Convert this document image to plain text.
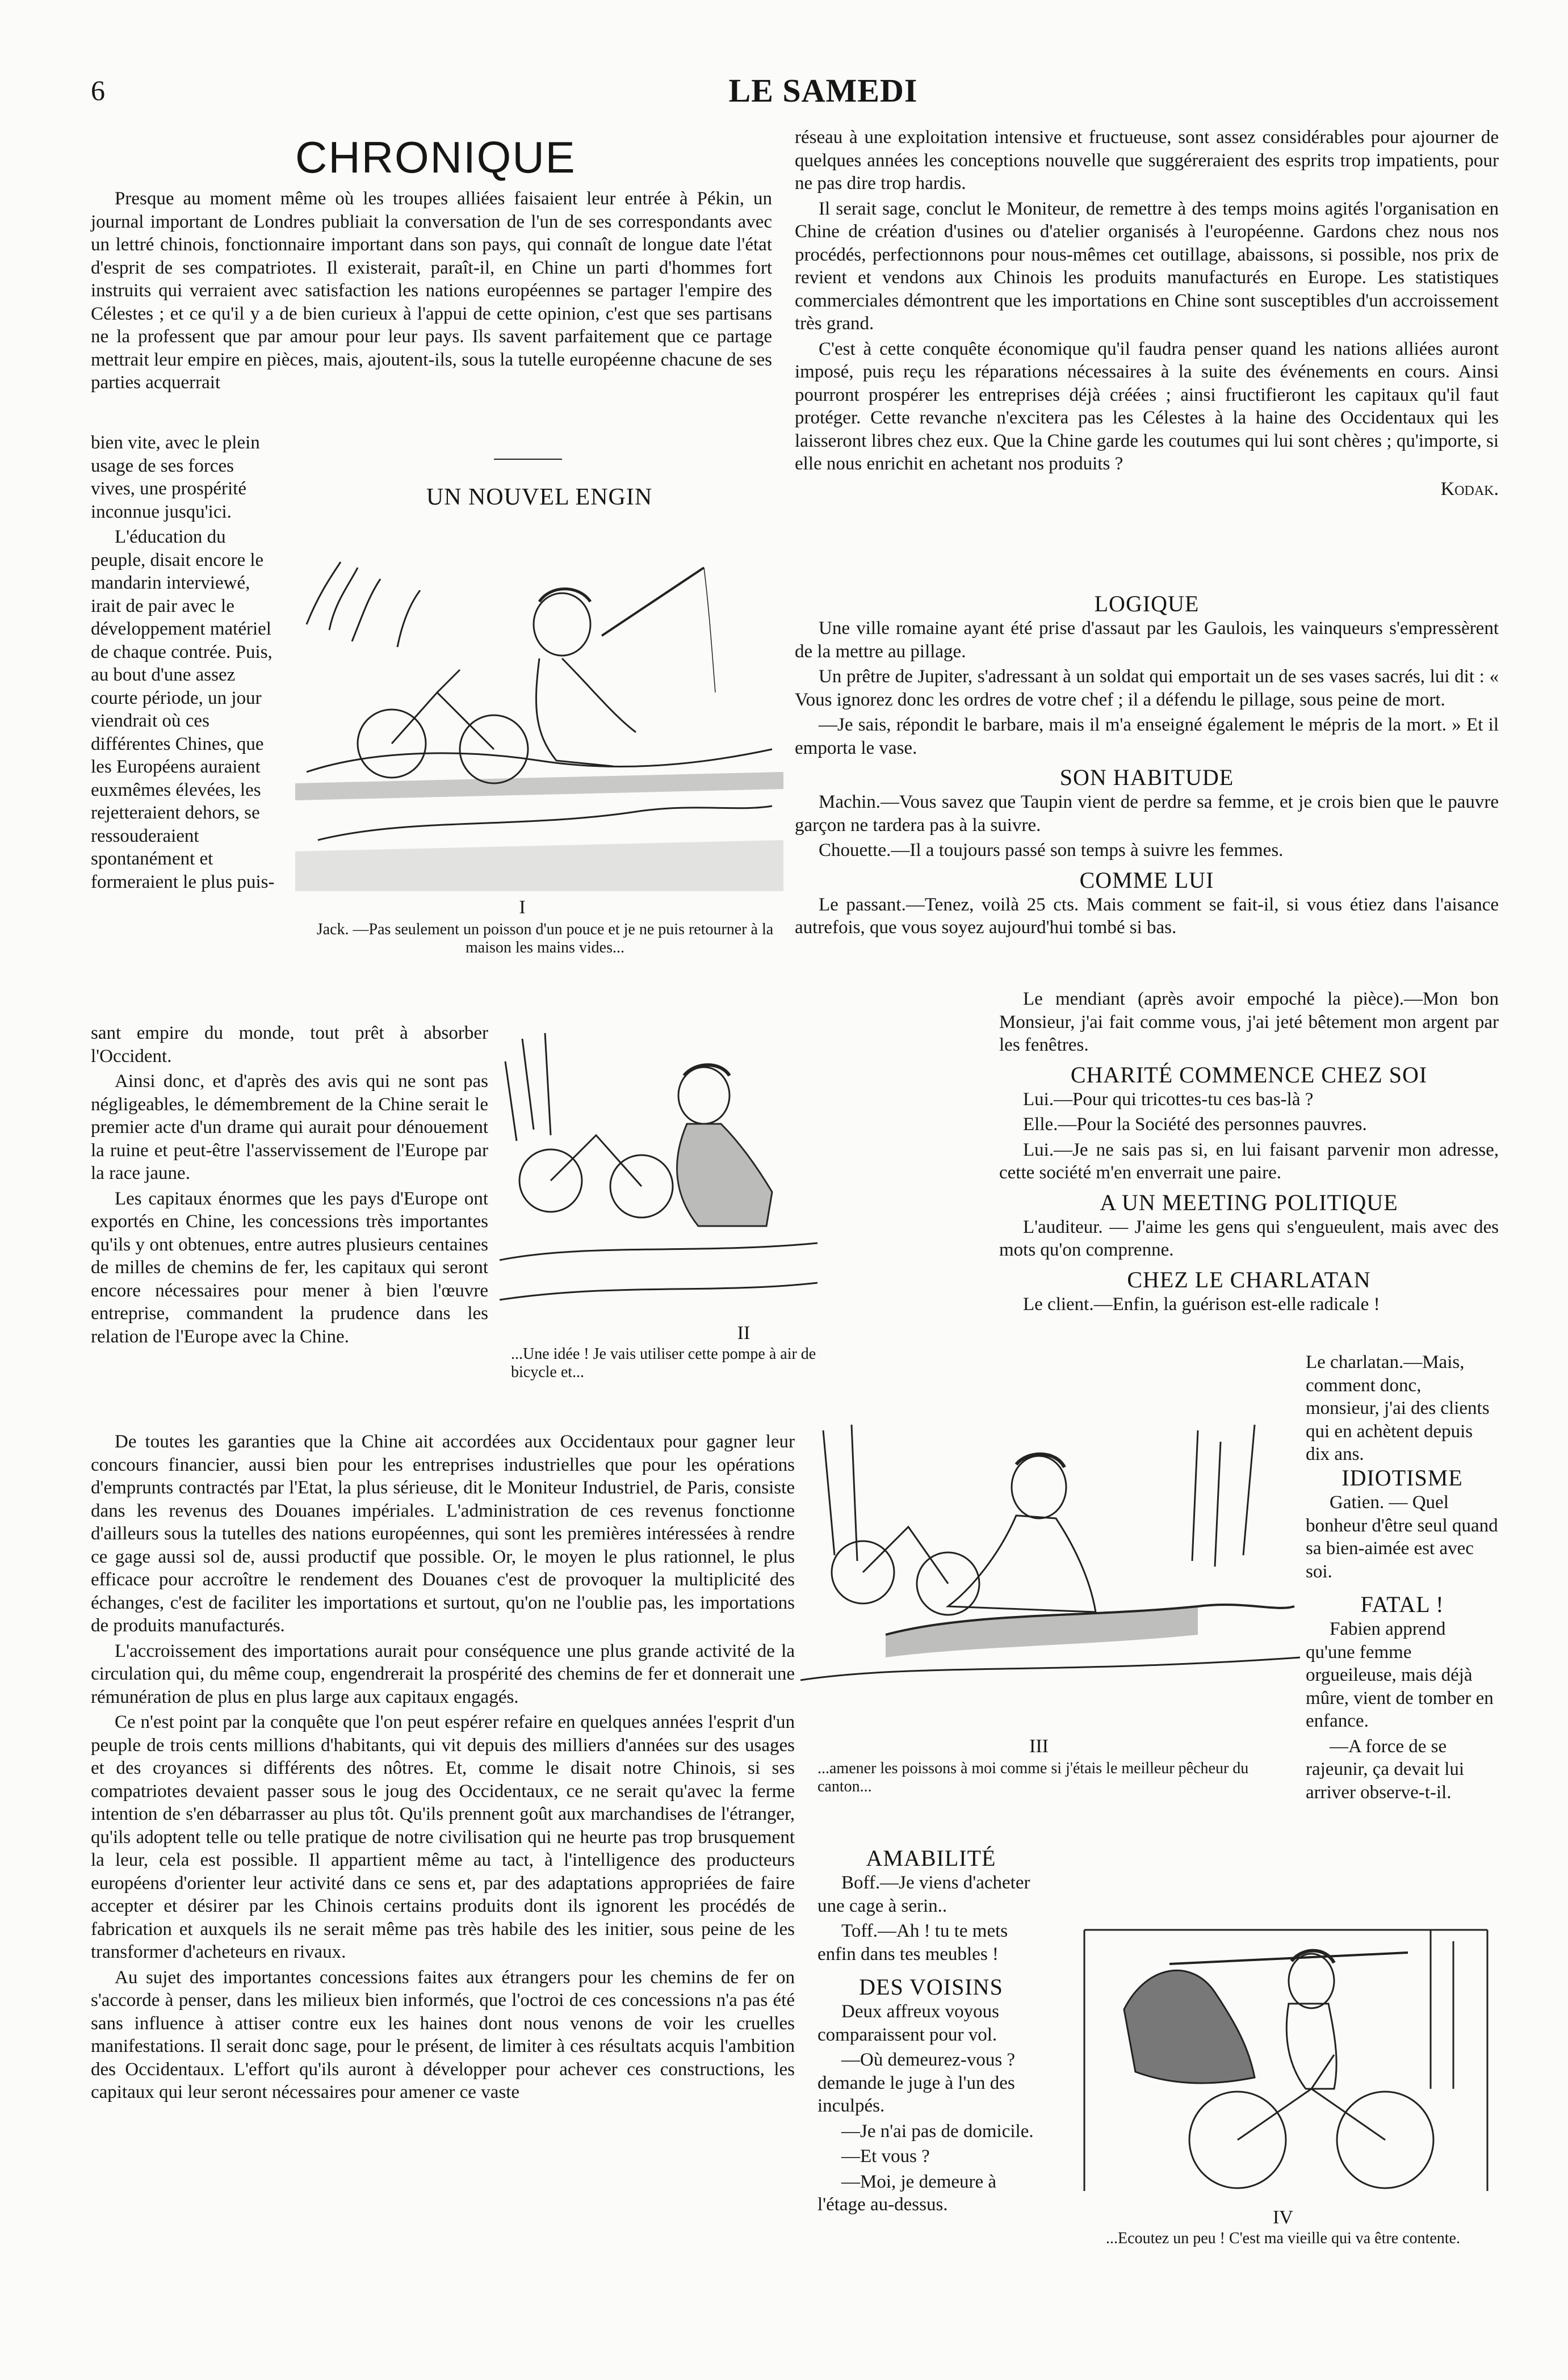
6	LE SAMEDI
CHRONIQUE

Presque au moment même où les troupes alliées faisaient leur entrée à Pékin, un journal important de Londres publiait la conversation de l'un de ses correspondants avec un lettré chinois, fonctionnaire important dans son pays, qui connaît de longue date l'état d'esprit de ses compatriotes. Il existerait, paraît-il, en Chine un parti d'hommes fort instruits qui verraient avec satisfaction les nations européennes se partager l'empire des Célestes ; et ce qu'il y a de bien curieux à l'appui de cette opinion, c'est que ses partisans ne la professent que par amour pour leur pays. Ils savent parfaitement que ce partage mettrait leur empire en pièces, mais, ajoutent-ils, sous la tutelle européenne chacune de ses parties acquerrait

bien vite, avec le plein usage de ses forces vives, une prospérité inconnue jusqu'ici.

L'éducation du peuple, disait encore le mandarin interviewé, irait de pair avec le développement matériel de chaque contrée. Puis, au bout d'une assez courte période, un jour viendrait où ces différentes Chines, que les Européens auraient euxmêmes élevées, les rejetteraient dehors, se ressouderaient spontanément et formeraient le plus puis-

sant empire du monde, tout prêt à absorber l'Occident.

Ainsi donc, et d'après des avis qui ne sont pas négligeables, le démembrement de la Chine serait le premier acte d'un drame qui aurait pour dénouement la ruine et peut-être l'asservissement de l'Europe par la race jaune.

Les capitaux énormes que les pays d'Europe ont exportés en Chine, les concessions très importantes qu'ils y ont obtenues, entre autres plusieurs centaines de milles de chemins de fer, les capitaux qui seront encore nécessaires pour mener à bien l'œuvre entreprise, commandent la prudence dans les relation de l'Europe avec la Chine.

De toutes les garanties que la Chine ait accordées aux Occidentaux pour gagner leur concours financier, aussi bien pour les entreprises industrielles que pour les opérations d'emprunts contractés par l'Etat, la plus sérieuse, dit le Moniteur Industriel, de Paris, consiste dans les revenus des Douanes impériales. L'administration de ces revenus fonctionne d'ailleurs sous la tutelles des nations européennes, qui sont les premières intéressées à rendre ce gage aussi sol de, aussi productif que possible. Or, le moyen le plus rationnel, le plus efficace pour accroître le rendement des Douanes c'est de provoquer la multiplicité des échanges, c'est de faciliter les importations et surtout, qu'on ne l'oublie pas, les importations de produits manufacturés.

L'accroissement des importations aurait pour conséquence une plus grande activité de la circulation qui, du même coup, engendrerait la prospérité des chemins de fer et donnerait une rémunération de plus en plus large aux capitaux engagés.

Ce n'est point par la conquête que l'on peut espérer refaire en quelques années l'esprit d'un peuple de trois cents millions d'habitants, qui vit depuis des milliers d'années sur des usages et des croyances si différents des nôtres. Et, comme le disait notre Chinois, si ses compatriotes devaient passer sous le joug des Occidentaux, ce ne serait qu'avec la ferme intention de s'en débarrasser au plus tôt. Qu'ils prennent goût aux marchandises de l'étranger, qu'ils adoptent telle ou telle pratique de notre civilisation qui ne heurte pas trop brusquement la leur, cela est possible. Il appartient même au tact, à l'intelligence des producteurs européens d'orienter leur activité dans ce sens et, par des adaptations appropriées de faire accepter et désirer par les Chinois certains produits dont ils ignorent les procédés de fabrication et auxquels ils ne serait même pas très habile des les initier, sous peine de les transformer d'acheteurs en rivaux.

Au sujet des importantes concessions faites aux étrangers pour les chemins de fer on s'accorde à penser, dans les milieux bien informés, que l'octroi de ces concessions n'a pas été sans influence à attiser contre eux les haines dont nous venons de voir les cruelles manifestations. Il serait donc sage, pour le présent, de limiter à ces résultats acquis l'ambition des Occidentaux. L'effort qu'ils auront à développer pour achever ces constructions, les capitaux qui leur seront nécessaires pour amener ce vaste

UN NOUVEL ENGIN
I
Jack. —Pas seulement un poisson d'un pouce et je ne puis retourner à la maison les mains vides...
II
...Une idée ! Je vais utiliser cette pompe à air de bicycle et...

réseau à une exploitation intensive et fructueuse, sont assez considérables pour ajourner de quelques années les conceptions nouvelle que suggéreraient des esprits trop impatients, pour ne pas dire trop hardis.

Il serait sage, conclut le Moniteur, de remettre à des temps moins agités l'organisation en Chine de création d'usines ou d'atelier organisés à l'européenne. Gardons chez nous nos procédés, perfectionnons pour nous-mêmes cet outillage, abaissons, si possible, nos prix de revient et vendons aux Chinois les produits manufacturés en Europe. Les statistiques commerciales démontrent que les importations en Chine sont susceptibles d'un accroissement très grand.

C'est à cette conquête économique qu'il faudra penser quand les nations alliées auront imposé, puis reçu les réparations nécessaires à la suite des événements en cours. Ainsi pourront prospérer les entreprises déjà créées ; ainsi fructifieront les capitaux qu'il faut protéger. Cette revanche n'excitera pas les Célestes à la haine des Occidentaux qui les laisseront libres chez eux. Que la Chine garde les coutumes qui lui sont chères ; qu'importe, si elle nous enrichit en achetant nos produits ?

Kodak.
LOGIQUE

Une ville romaine ayant été prise d'assaut par les Gaulois, les vainqueurs s'empressèrent de la mettre au pillage.

Un prêtre de Jupiter, s'adressant à un soldat qui emportait un de ses vases sacrés, lui dit : « Vous ignorez donc les ordres de votre chef ; il a défendu le pillage, sous peine de mort.

—Je sais, répondit le barbare, mais il m'a enseigné également le mépris de la mort. » Et il emporta le vase.

SON HABITUDE

Machin.—Vous savez que Taupin vient de perdre sa femme, et je crois bien que le pauvre garçon ne tardera pas à la suivre.

Chouette.—Il a toujours passé son temps à suivre les femmes.

COMME LUI

Le passant.—Tenez, voilà 25 cts. Mais comment se fait-il, si vous étiez dans l'aisance autrefois, que vous soyez aujourd'hui tombé si bas.

Le mendiant (après avoir empoché la pièce).—Mon bon Monsieur, j'ai fait comme vous, j'ai jeté bêtement mon argent par les fenêtres.

CHARITÉ COMMENCE CHEZ SOI

Lui.—Pour qui tricottes-tu ces bas-là ?

Elle.—Pour la Société des personnes pauvres.

Lui.—Je ne sais pas si, en lui faisant parvenir mon adresse, cette société m'en enverrait une paire.

A UN MEETING POLITIQUE

L'auditeur. — J'aime les gens qui s'engueulent, mais avec des mots qu'on comprenne.

CHEZ LE CHARLATAN

Le client.—Enfin, la guérison est-elle radicale !

Le charlatan.—Mais, comment donc, monsieur, j'ai des clients qui en achètent depuis dix ans.

III
...amener les poissons à moi comme si j'étais le meilleur pêcheur du canton...
IDIOTISME

Gatien. — Quel bonheur d'être seul quand sa bien-aimée est avec soi.

FATAL !

Fabien apprend qu'une femme orgueileuse, mais déjà mûre, vient de tomber en enfance.

—A force de se rajeunir, ça devait lui arriver observe-t-il.

AMABILITÉ

Boff.—Je viens d'acheter une cage à serin..

Toff.—Ah ! tu te mets enfin dans tes meubles !

DES VOISINS

Deux affreux voyous comparaissent pour vol.

—Où demeurez-vous ? demande le juge à l'un des inculpés.

—Je n'ai pas de domicile.

—Et vous ?

—Moi, je demeure à l'étage au-dessus.

IV
...Ecoutez un peu ! C'est ma vieille qui va être contente.
